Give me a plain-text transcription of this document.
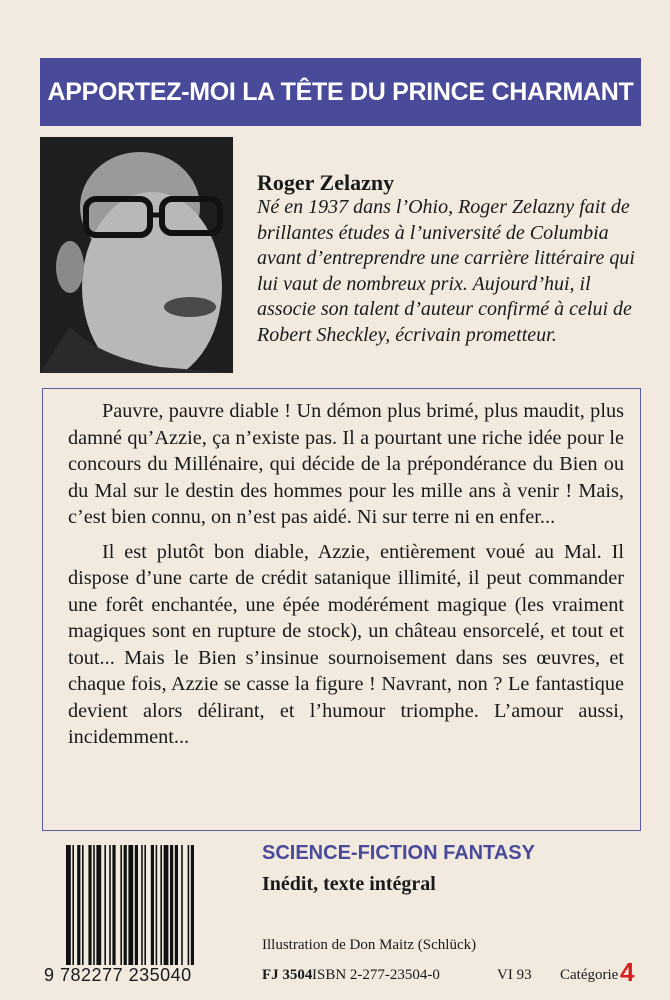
APPORTEZ-MOI LA TÊTE DU PRINCE CHARMANT
Roger Zelazny
Né en 1937 dans l’Ohio, Roger Zelazny fait de brillantes études à l’université de Columbia avant d’entreprendre une carrière littéraire qui lui vaut de nombreux prix. Aujourd’hui, il associe son talent d’auteur confirmé à celui de Robert Sheckley, écrivain prometteur.

Pauvre, pauvre diable ! Un démon plus brimé, plus maudit, plus damné qu’Azzie, ça n’existe pas. Il a pourtant une riche idée pour le concours du Millénaire, qui décide de la prépondérance du Bien ou du Mal sur le destin des hommes pour les mille ans à venir ! Mais, c’est bien connu, on n’est pas aidé. Ni sur terre ni en enfer...

Il est plutôt bon diable, Azzie, entièrement voué au Mal. Il dispose d’une carte de crédit satanique illimité, il peut commander une forêt enchantée, une épée modérément magique (les vraiment magiques sont en rupture de stock), un château ensorcelé, et tout et tout... Mais le Bien s’insinue sournoisement dans ses œuvres, et chaque fois, Azzie se casse la figure ! Navrant, non ? Le fantastique devient alors délirant, et l’humour triomphe. L’amour aussi, incidemment...

9 782277 235040
SCIENCE-FICTION FANTASY
Inédit, texte intégral
Illustration de Don Maitz (Schlück)
FJ 3504 ISBN 2-277-23504-0	VI 93 Catégorie 4
